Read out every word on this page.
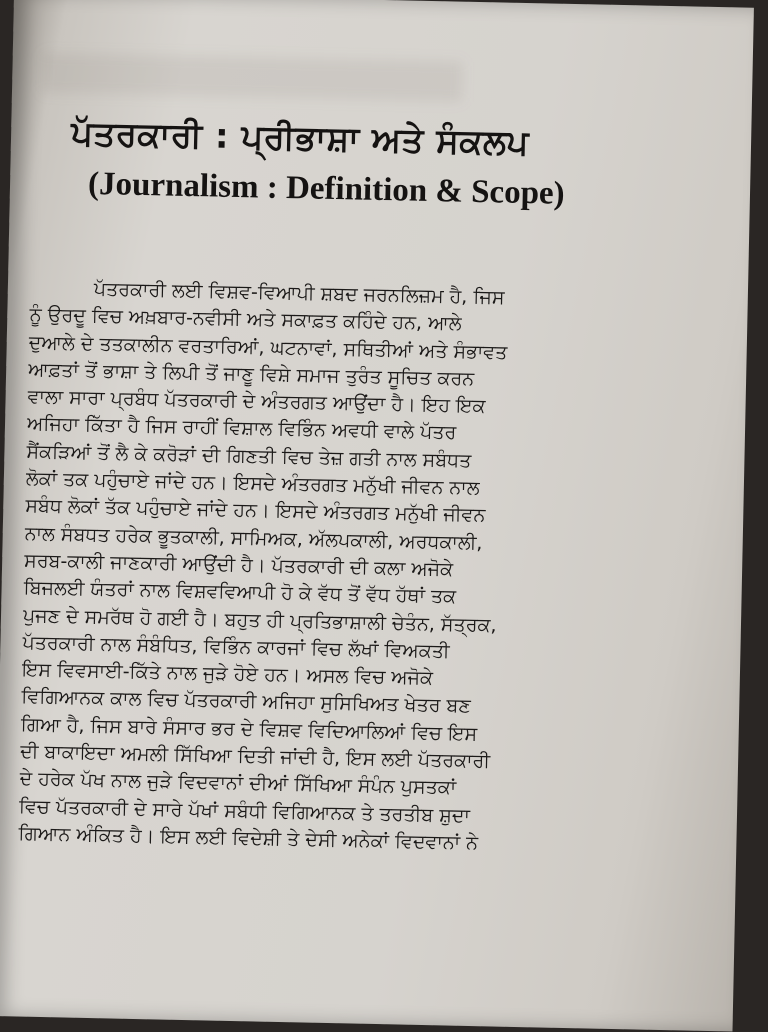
ਪੱਤਰਕਾਰੀ : ਪ੍ਰੀਭਾਸ਼ਾ ਅਤੇ ਸੰਕਲਪ
(Journalism : Definition & Scope)
ਪੱਤਰਕਾਰੀ ਲਈ ਵਿਸ਼ਵ-ਵਿਆਪੀ ਸ਼ਬਦ ਜਰਨਲਿਜ਼ਮ ਹੈ, ਜਿਸ
ਨੂੰ ਉਰਦੂ ਵਿਚ ਅਖ਼ਬਾਰ-ਨਵੀਸੀ ਅਤੇ ਸਕਾਫ਼ਤ ਕਹਿੰਦੇ ਹਨ, ਆਲੇ
ਦੁਆਲੇ ਦੇ ਤਤਕਾਲੀਨ ਵਰਤਾਰਿਆਂ, ਘਟਨਾਵਾਂ, ਸਥਿਤੀਆਂ ਅਤੇ ਸੰਭਾਵਤ
ਆਫ਼ਤਾਂ ਤੋਂ ਭਾਸ਼ਾ ਤੇ ਲਿਪੀ ਤੋਂ ਜਾਣੂ ਵਿਸ਼ੇ ਸਮਾਜ ਤੁਰੰਤ ਸੂਚਿਤ ਕਰਨ
ਵਾਲਾ ਸਾਰਾ ਪ੍ਰਬੰਧ ਪੱਤਰਕਾਰੀ ਦੇ ਅੰਤਰਗਤ ਆਉਂਦਾ ਹੈ। ਇਹ ਇਕ
ਅਜਿਹਾ ਕਿੱਤਾ ਹੈ ਜਿਸ ਰਾਹੀਂ ਵਿਸ਼ਾਲ ਵਿਭਿੰਨ ਅਵਧੀ ਵਾਲੇ ਪੱਤਰ
ਸੈਂਕੜਿਆਂ ਤੋਂ ਲੈ ਕੇ ਕਰੋੜਾਂ ਦੀ ਗਿਣਤੀ ਵਿਚ ਤੇਜ਼ ਗਤੀ ਨਾਲ ਸਬੰਧਤ
ਲੋਕਾਂ ਤਕ ਪਹੁੰਚਾਏ ਜਾਂਦੇ ਹਨ। ਇਸਦੇ ਅੰਤਰਗਤ ਮਨੁੱਖੀ ਜੀਵਨ ਨਾਲ
ਸਬੰਧ ਲੋਕਾਂ ਤੱਕ ਪਹੁੰਚਾਏ ਜਾਂਦੇ ਹਨ। ਇਸਦੇ ਅੰਤਰਗਤ ਮਨੁੱਖੀ ਜੀਵਨ
ਨਾਲ ਸੰਬਧਤ ਹਰੇਕ ਭੂਤਕਾਲੀ, ਸਾਮਿਅਕ, ਅੱਲਪਕਾਲੀ, ਅਰਧਕਾਲੀ,
ਸਰਬ-ਕਾਲੀ ਜਾਣਕਾਰੀ ਆਉਂਦੀ ਹੈ। ਪੱਤਰਕਾਰੀ ਦੀ ਕਲਾ ਅਜੋਕੇ
ਬਿਜਲਈ ਯੰਤਰਾਂ ਨਾਲ ਵਿਸ਼ਵਵਿਆਪੀ ਹੋ ਕੇ ਵੱਧ ਤੋਂ ਵੱਧ ਹੱਥਾਂ ਤਕ
ਪੁਜਣ ਦੇ ਸਮਰੱਥ ਹੋ ਗਈ ਹੈ। ਬਹੁਤ ਹੀ ਪ੍ਰਤਿਭਾਸ਼ਾਲੀ ਚੇਤੰਨ, ਸੱਤ੍ਰਕ,
ਪੱਤਰਕਾਰੀ ਨਾਲ ਸੰਬੰਧਿਤ, ਵਿਭਿੰਨ ਕਾਰਜਾਂ ਵਿਚ ਲੱਖਾਂ ਵਿਅਕਤੀ
ਇਸ ਵਿਵਸਾਈ-ਕਿੱਤੇ ਨਾਲ ਜੁੜੇ ਹੋਏ ਹਨ। ਅਸਲ ਵਿਚ ਅਜੋਕੇ
ਵਿਗਿਆਨਕ ਕਾਲ ਵਿਚ ਪੱਤਰਕਾਰੀ ਅਜਿਹਾ ਸੁਸਿਖਿਅਤ ਖੇਤਰ ਬਣ
ਗਿਆ ਹੈ, ਜਿਸ ਬਾਰੇ ਸੰਸਾਰ ਭਰ ਦੇ ਵਿਸ਼ਵ ਵਿਦਿਆਲਿਆਂ ਵਿਚ ਇਸ
ਦੀ ਬਾਕਾਇਦਾ ਅਮਲੀ ਸਿੱਖਿਆ ਦਿਤੀ ਜਾਂਦੀ ਹੈ, ਇਸ ਲਈ ਪੱਤਰਕਾਰੀ
ਦੇ ਹਰੇਕ ਪੱਖ ਨਾਲ ਜੁੜੇ ਵਿਦਵਾਨਾਂ ਦੀਆਂ ਸਿੱਖਿਆ ਸੰਪੰਨ ਪੁਸਤਕਾਂ
ਵਿਚ ਪੱਤਰਕਾਰੀ ਦੇ ਸਾਰੇ ਪੱਖਾਂ ਸਬੰਧੀ ਵਿਗਿਆਨਕ ਤੇ ਤਰਤੀਬ ਸ਼ੁਦਾ
ਗਿਆਨ ਅੰਕਿਤ ਹੈ। ਇਸ ਲਈ ਵਿਦੇਸ਼ੀ ਤੇ ਦੇਸੀ ਅਨੇਕਾਂ ਵਿਦਵਾਨਾਂ ਨੇ
